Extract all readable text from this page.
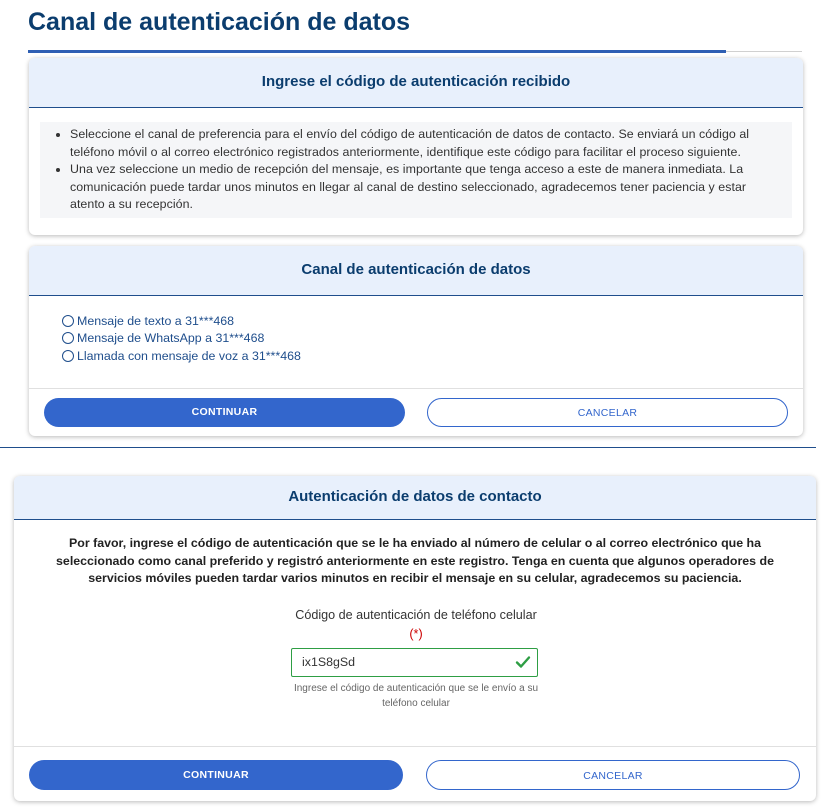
Canal de autenticación de datos
Ingrese el código de autenticación recibido
• Seleccione el canal de preferencia para el envío del código de autenticación de datos de contacto. Se enviará un código al teléfono móvil o al correo electrónico registrados anteriormente, identifique este código para facilitar el proceso siguiente.
• Una vez seleccione un medio de recepción del mensaje, es importante que tenga acceso a este de manera inmediata. La comunicación puede tardar unos minutos en llegar al canal de destino seleccionado, agradecemos tener paciencia y estar atento a su recepción.
Canal de autenticación de datos
Mensaje de texto a 31***468
Mensaje de WhatsApp a 31***468
Llamada con mensaje de voz a 31***468
CONTINUAR	CANCELAR
Autenticación de datos de contacto
Por favor, ingrese el código de autenticación que se le ha enviado al número de celular o al correo electrónico que ha seleccionado como canal preferido y registró anteriormente en este registro. Tenga en cuenta que algunos operadores de servicios móviles pueden tardar varios minutos en recibir el mensaje en su celular, agradecemos su paciencia.
Código de autenticación de teléfono celular (*)
ix1S8gSd
Ingrese el código de autenticación que se le envío a su teléfono celular
CONTINUAR	CANCELAR
